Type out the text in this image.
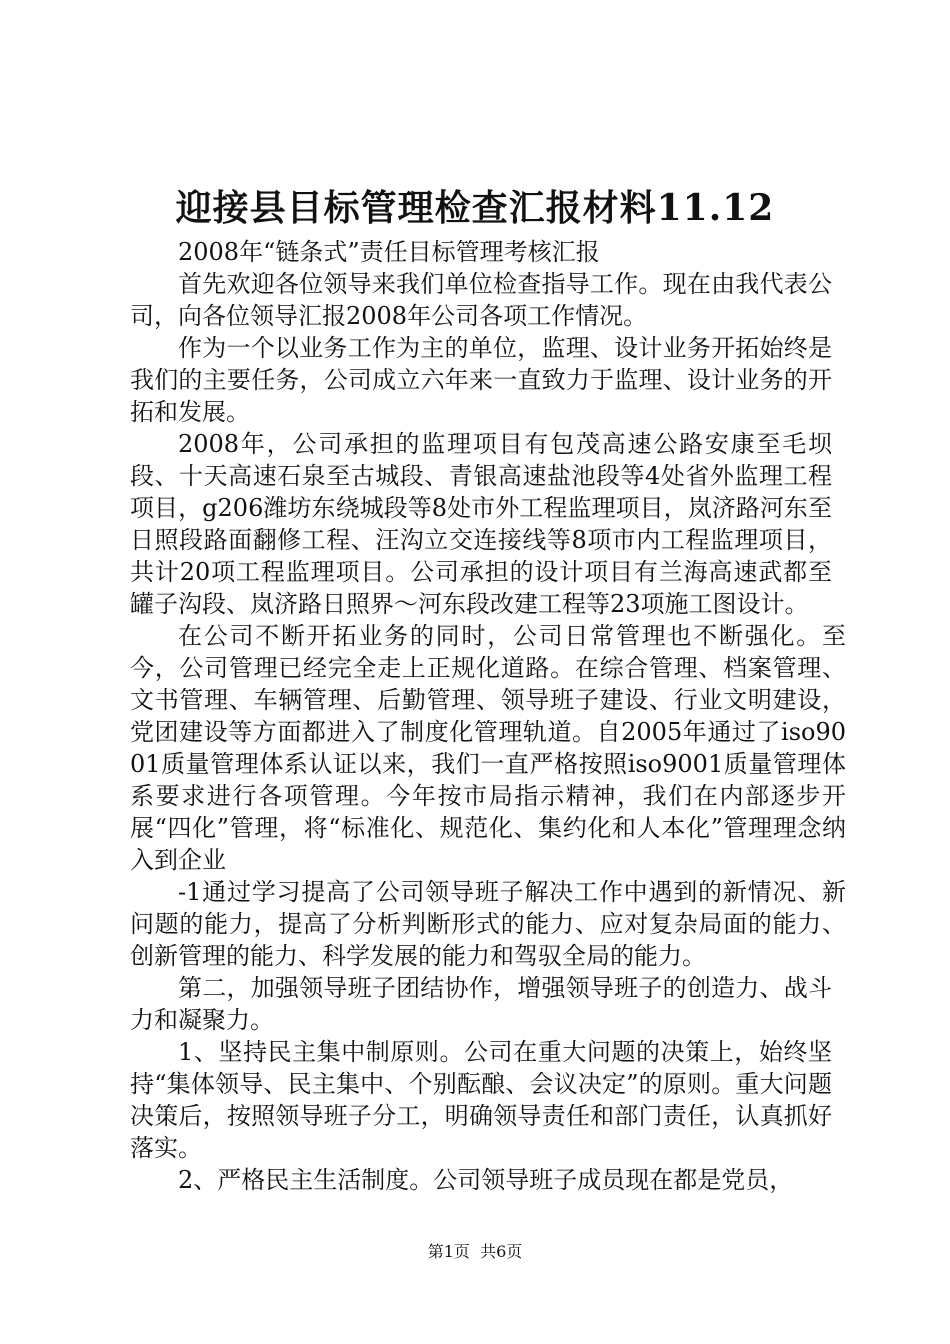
迎接县目标管理检查汇报材料11.12

2008年“链条式”责任目标管理考核汇报

首先欢迎各位领导来我们单位检查指导工作。现在由我代表公司，向各位领导汇报2008年公司各项工作情况。

作为一个以业务工作为主的单位，监理、设计业务开拓始终是我们的主要任务，公司成立六年来一直致力于监理、设计业务的开拓和发展。

2008年，公司承担的监理项目有包茂高速公路安康至毛坝段、十天高速石泉至古城段、青银高速盐池段等4处省外监理工程项目，g206潍坊东绕城段等8处市外工程监理项目，岚济路河东至日照段路面翻修工程、汪沟立交连接线等8项市内工程监理项目，共计20项工程监理项目。公司承担的设计项目有兰海高速武都至罐子沟段、岚济路日照界～河东段改建工程等23项施工图设计。

在公司不断开拓业务的同时，公司日常管理也不断强化。至今，公司管理已经完全走上正规化道路。在综合管理、档案管理、文书管理、车辆管理、后勤管理、领导班子建设、行业文明建设，党团建设等方面都进入了制度化管理轨道。自2005年通过了iso9001质量管理体系认证以来，我们一直严格按照iso9001质量管理体系要求进行各项管理。今年按市局指示精神，我们在内部逐步开展“四化”管理，将“标准化、规范化、集约化和人本化”管理理念纳入到企业

-1通过学习提高了公司领导班子解决工作中遇到的新情况、新问题的能力，提高了分析判断形式的能力、应对复杂局面的能力、创新管理的能力、科学发展的能力和驾驭全局的能力。

第二，加强领导班子团结协作，增强领导班子的创造力、战斗力和凝聚力。

1、坚持民主集中制原则。公司在重大问题的决策上，始终坚持“集体领导、民主集中、个别酝酿、会议决定”的原则。重大问题决策后，按照领导班子分工，明确领导责任和部门责任，认真抓好落实。

2、严格民主生活制度。公司领导班子成员现在都是党员，

第1页  共6页
